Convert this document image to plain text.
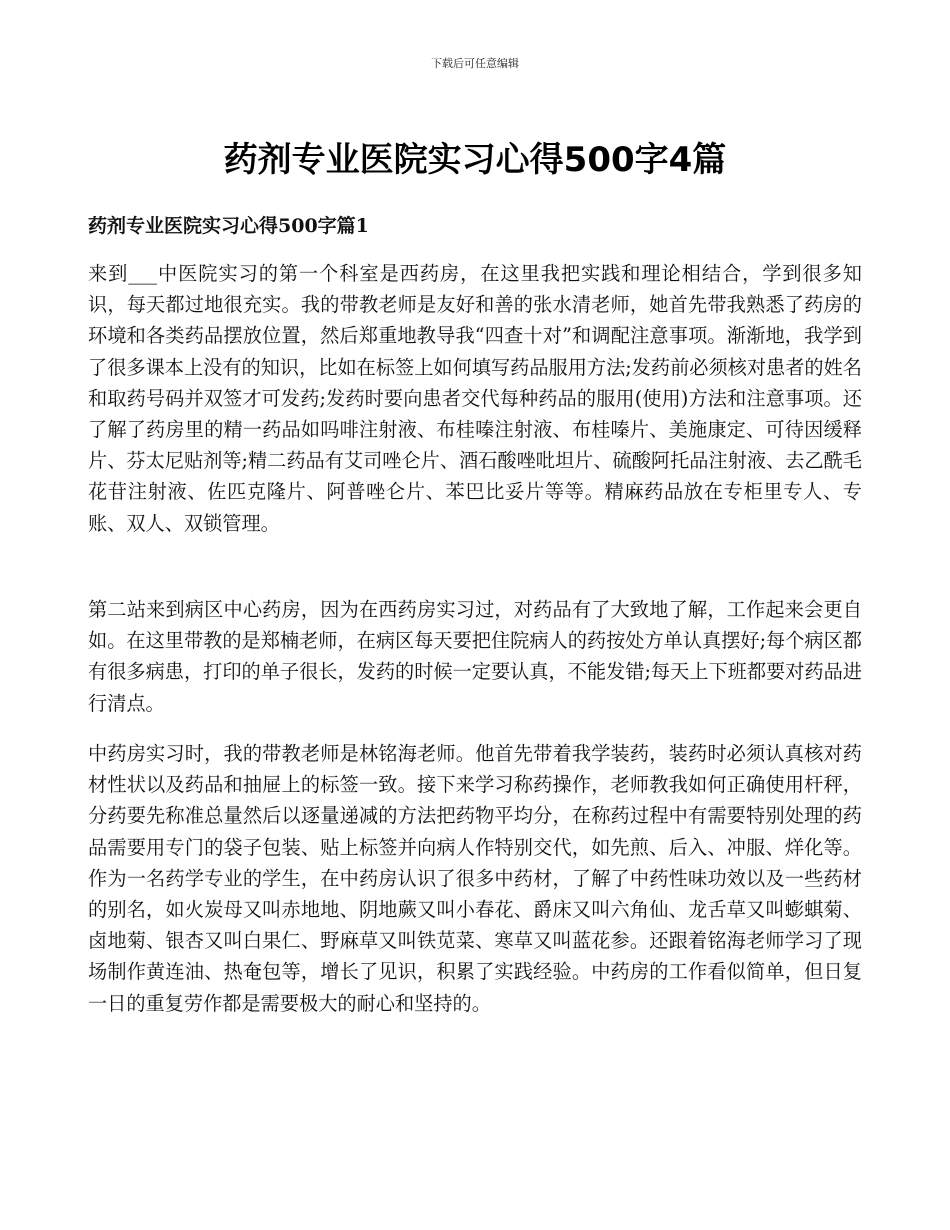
下载后可任意编辑
药剂专业医院实习心得500字4篇
药剂专业医院实习心得500字篇1

来到___中医院实习的第一个科室是西药房，在这里我把实践和理论相结合，学到很多知识，每天都过地很充实。我的带教老师是友好和善的张水清老师，她首先带我熟悉了药房的环境和各类药品摆放位置，然后郑重地教导我“四查十对”和调配注意事项。渐渐地，我学到了很多课本上没有的知识，比如在标签上如何填写药品服用方法;发药前必须核对患者的姓名和取药号码并双签才可发药;发药时要向患者交代每种药品的服用(使用)方法和注意事项。还了解了药房里的精一药品如吗啡注射液、布桂嗪注射液、布桂嗪片、美施康定、可待因缓释片、芬太尼贴剂等;精二药品有艾司唑仑片、酒石酸唑吡坦片、硫酸阿托品注射液、去乙酰毛花苷注射液、佐匹克隆片、阿普唑仑片、苯巴比妥片等等。精麻药品放在专柜里专人、专账、双人、双锁管理。

第二站来到病区中心药房，因为在西药房实习过，对药品有了大致地了解，工作起来会更自如。在这里带教的是郑楠老师，在病区每天要把住院病人的药按处方单认真摆好;每个病区都有很多病患，打印的单子很长，发药的时候一定要认真，不能发错;每天上下班都要对药品进行清点。

中药房实习时，我的带教老师是林铭海老师。他首先带着我学装药，装药时必须认真核对药材性状以及药品和抽屉上的标签一致。接下来学习称药操作，老师教我如何正确使用杆秤，分药要先称准总量然后以逐量递减的方法把药物平均分，在称药过程中有需要特别处理的药品需要用专门的袋子包装、贴上标签并向病人作特别交代，如先煎、后入、冲服、烊化等。作为一名药学专业的学生，在中药房认识了很多中药材，了解了中药性味功效以及一些药材的别名，如火炭母又叫赤地地、阴地蕨又叫小春花、爵床又叫六角仙、龙舌草又叫蟛蜞菊、卤地菊、银杏又叫白果仁、野麻草又叫铁苋菜、寒草又叫蓝花参。还跟着铭海老师学习了现场制作黄连油、热奄包等，增长了见识，积累了实践经验。中药房的工作看似简单，但日复一日的重复劳作都是需要极大的耐心和坚持的。
